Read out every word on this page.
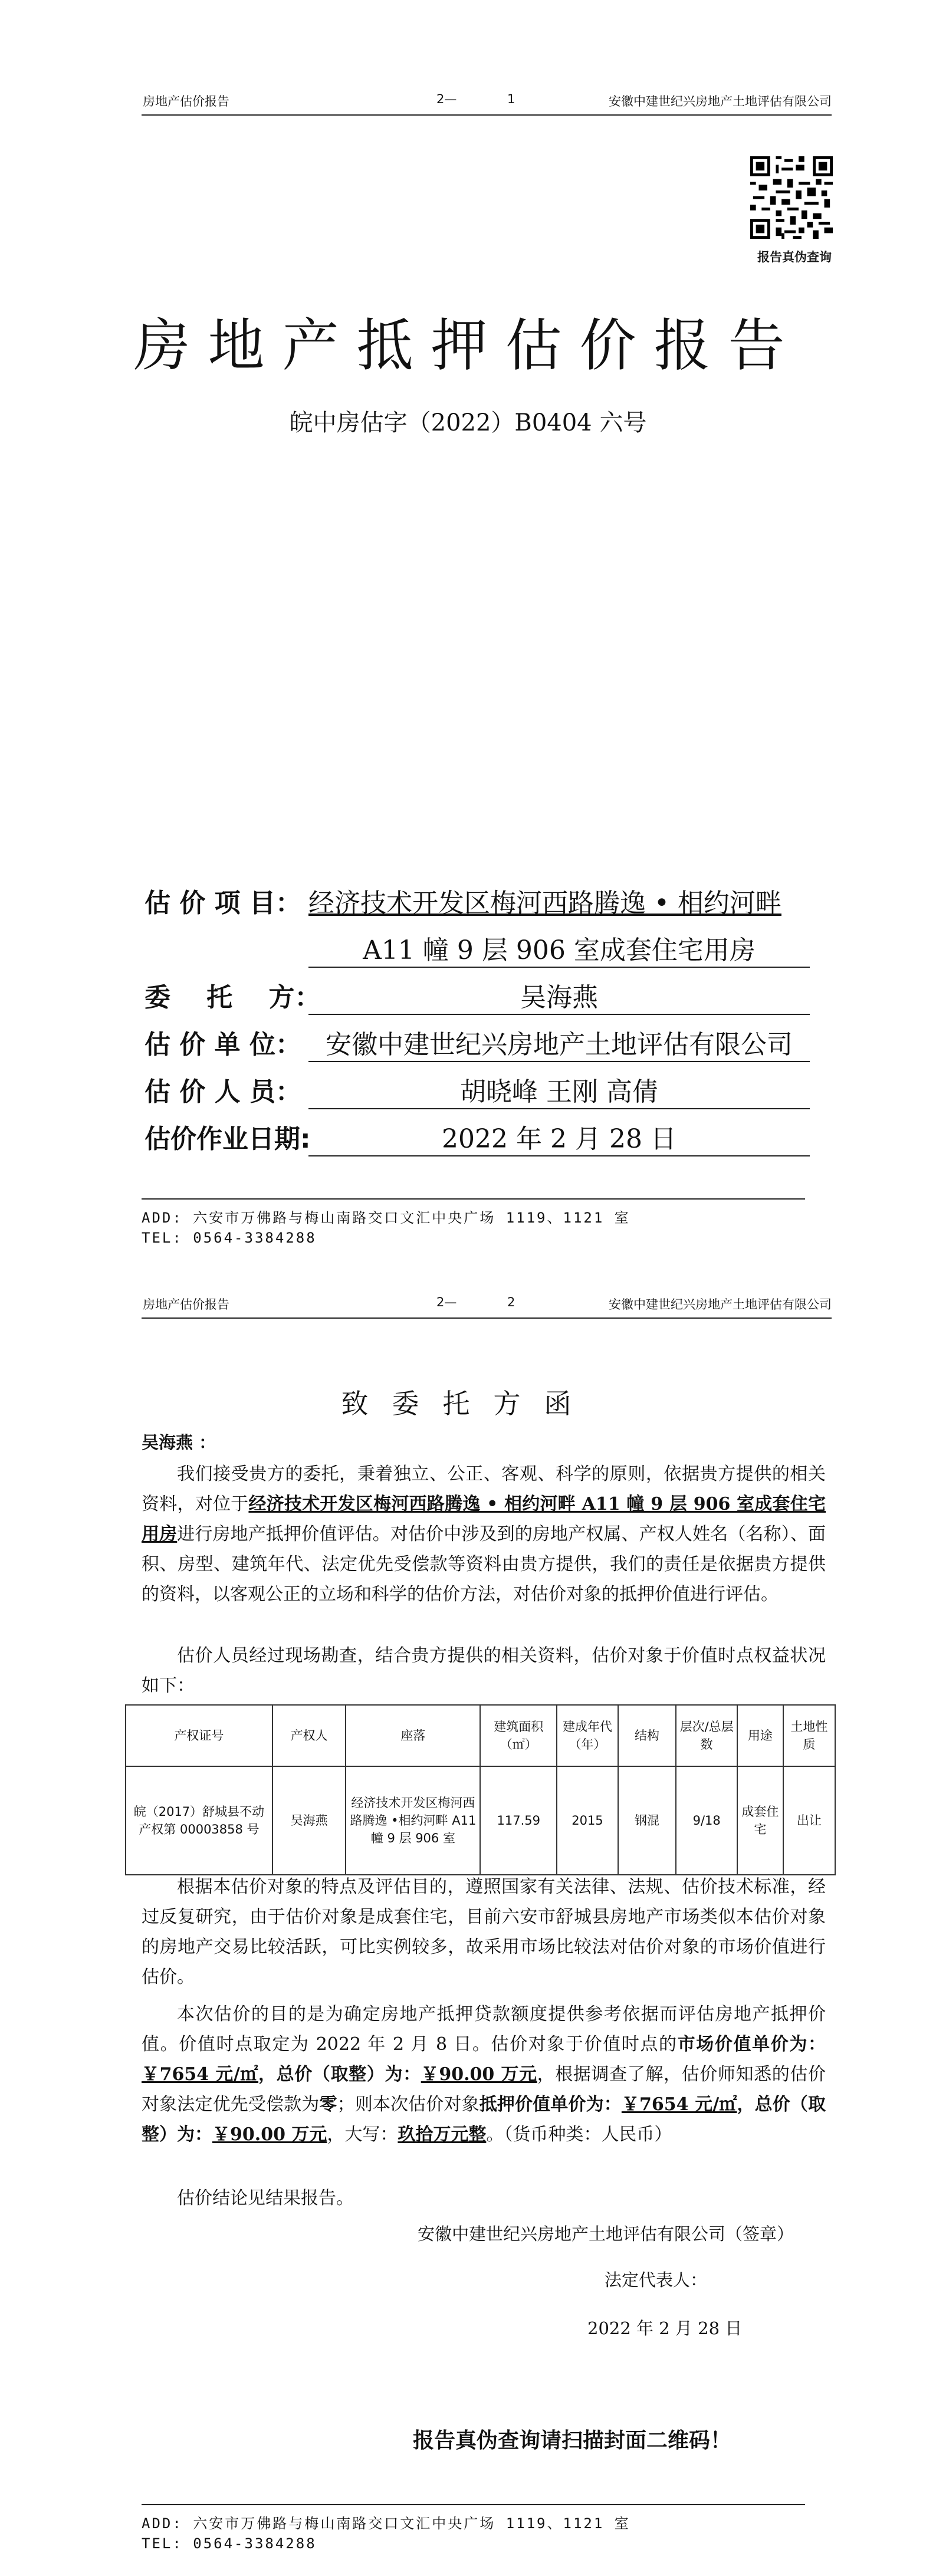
房地产估价报告	2—	1	安徽中建世纪兴房地产土地评估有限公司
报告真伪查询
房地产抵押估价报告
皖中房估字（2022）B0404 六号
估 价 项 目： 经济技术开发区梅河西路腾逸 • 相约河畔
A11 幢 9 层 906 室成套住宅用房
委    托    方：	吴海燕
估 价 单 位： 安徽中建世纪兴房地产土地评估有限公司
估 价 人 员：	胡晓峰 王刚 高倩
估价作业日期:	2022 年 2 月 28 日
ADD: 六安市万佛路与梅山南路交口文汇中央广场 1119、1121 室
TEL: 0564-3384288
房地产估价报告	2—	2	安徽中建世纪兴房地产土地评估有限公司
致委托方函
吴海燕 ：
我们接受贵方的委托，秉着独立、公正、客观、科学的原则，依据贵方提供的相关资料，对位于经济技术开发区梅河西路腾逸 • 相约河畔 A11 幢 9 层 906 室成套住宅用房进行房地产抵押价值评估。对估价中涉及到的房地产权属、产权人姓名（名称）、面积、房型、建筑年代、法定优先受偿款等资料由贵方提供，我们的责任是依据贵方提供的资料，以客观公正的立场和科学的估价方法，对估价对象的抵押价值进行评估。
估价人员经过现场勘查，结合贵方提供的相关资料，估价对象于价值时点权益状况如下：
产权证号	产权人	座落	建筑面积（㎡）	建成年代（年）	结构	层次/总层数	用途	土地性质
皖（2017）舒城县不动产权第 00003858 号	吴海燕	经济技术开发区梅河西路腾逸 •相约河畔 A11 幢 9 层 906 室	117.59	2015	钢混	9/18	成套住宅	出让
根据本估价对象的特点及评估目的，遵照国家有关法律、法规、估价技术标准，经过反复研究，由于估价对象是成套住宅，目前六安市舒城县房地产市场类似本估价对象的房地产交易比较活跃，可比实例较多，故采用市场比较法对估价对象的市场价值进行估价。
本次估价的目的是为确定房地产抵押贷款额度提供参考依据而评估房地产抵押价值。价值时点取定为 2022 年 2 月 8 日。估价对象于价值时点的市场价值单价为：￥7654 元/㎡，总价（取整）为：￥90.00 万元，根据调查了解，估价师知悉的估价对象法定优先受偿款为零；则本次估价对象抵押价值单价为：￥7654 元/㎡，总价（取整）为：￥90.00 万元，大写：玖拾万元整。（货币种类：人民币）
估价结论见结果报告。
安徽中建世纪兴房地产土地评估有限公司（签章）
法定代表人：
2022 年 2 月 28 日
报告真伪查询请扫描封面二维码！
ADD: 六安市万佛路与梅山南路交口文汇中央广场 1119、1121 室
TEL: 0564-3384288
